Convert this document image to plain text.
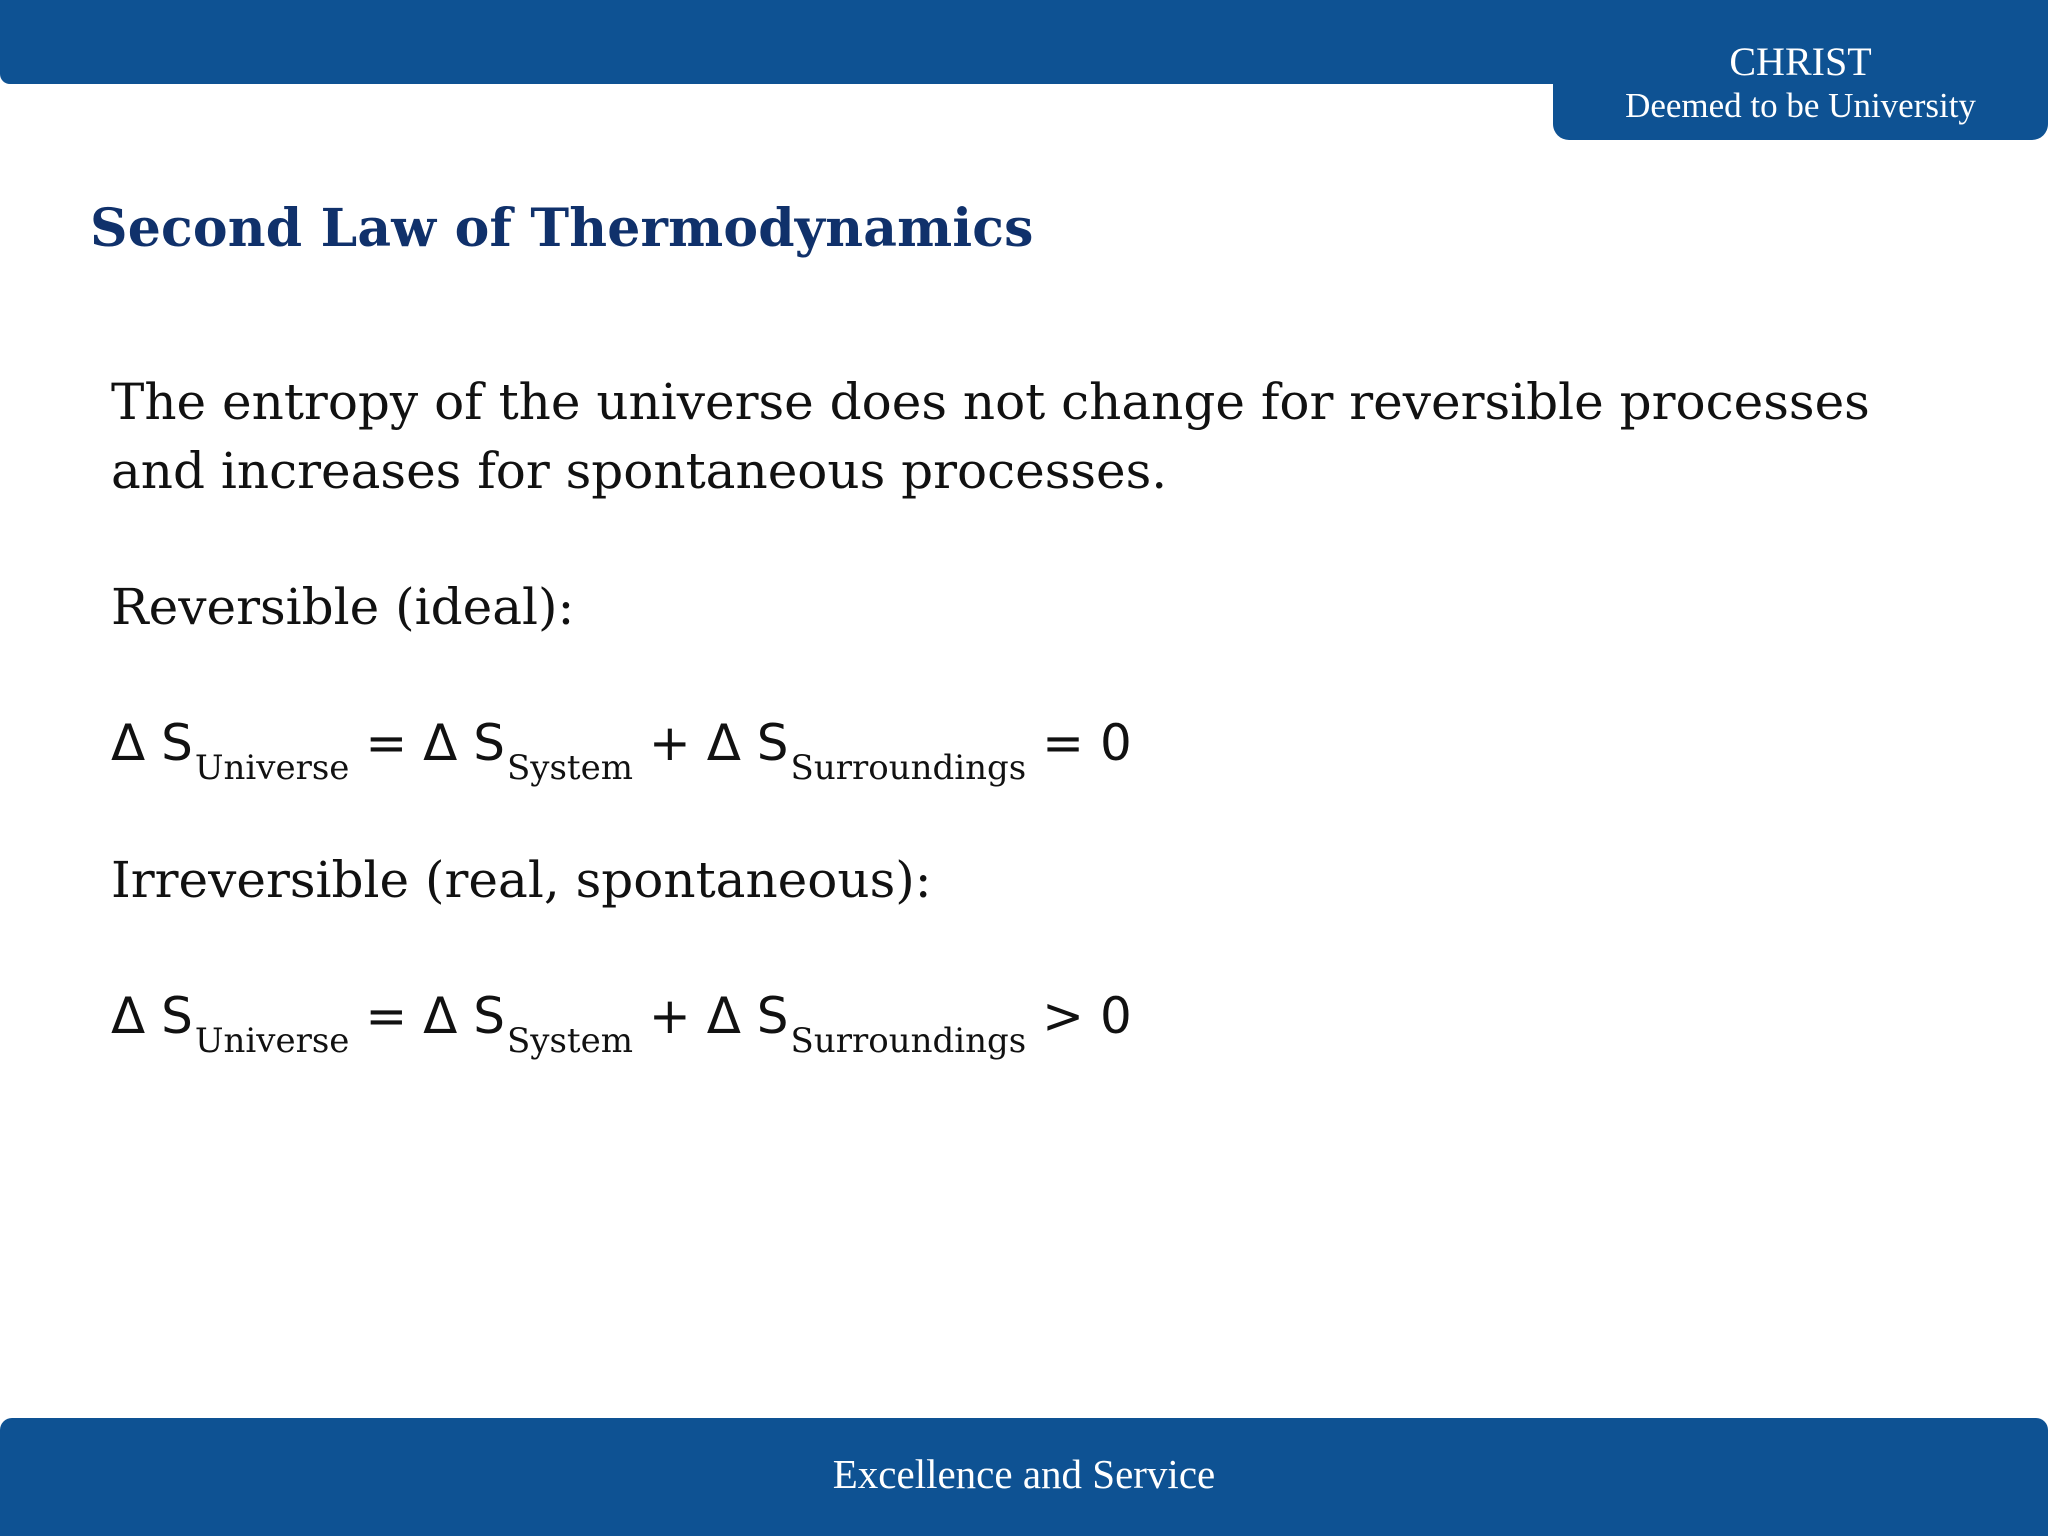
CHRIST
Deemed to be University
Second Law of Thermodynamics

The entropy of the universe does not change for reversible processes and increases for spontaneous processes.

Reversible (ideal):

Δ $S_{Universe} = \Delta$ $S_{System} + \Delta$ $S_{Surroundings} = 0$

Irreversible (real, spontaneous):

Δ $S_{Universe} = \Delta$ $S_{System} + \Delta$ $S_{Surroundings} > 0$
Excellence and Service
